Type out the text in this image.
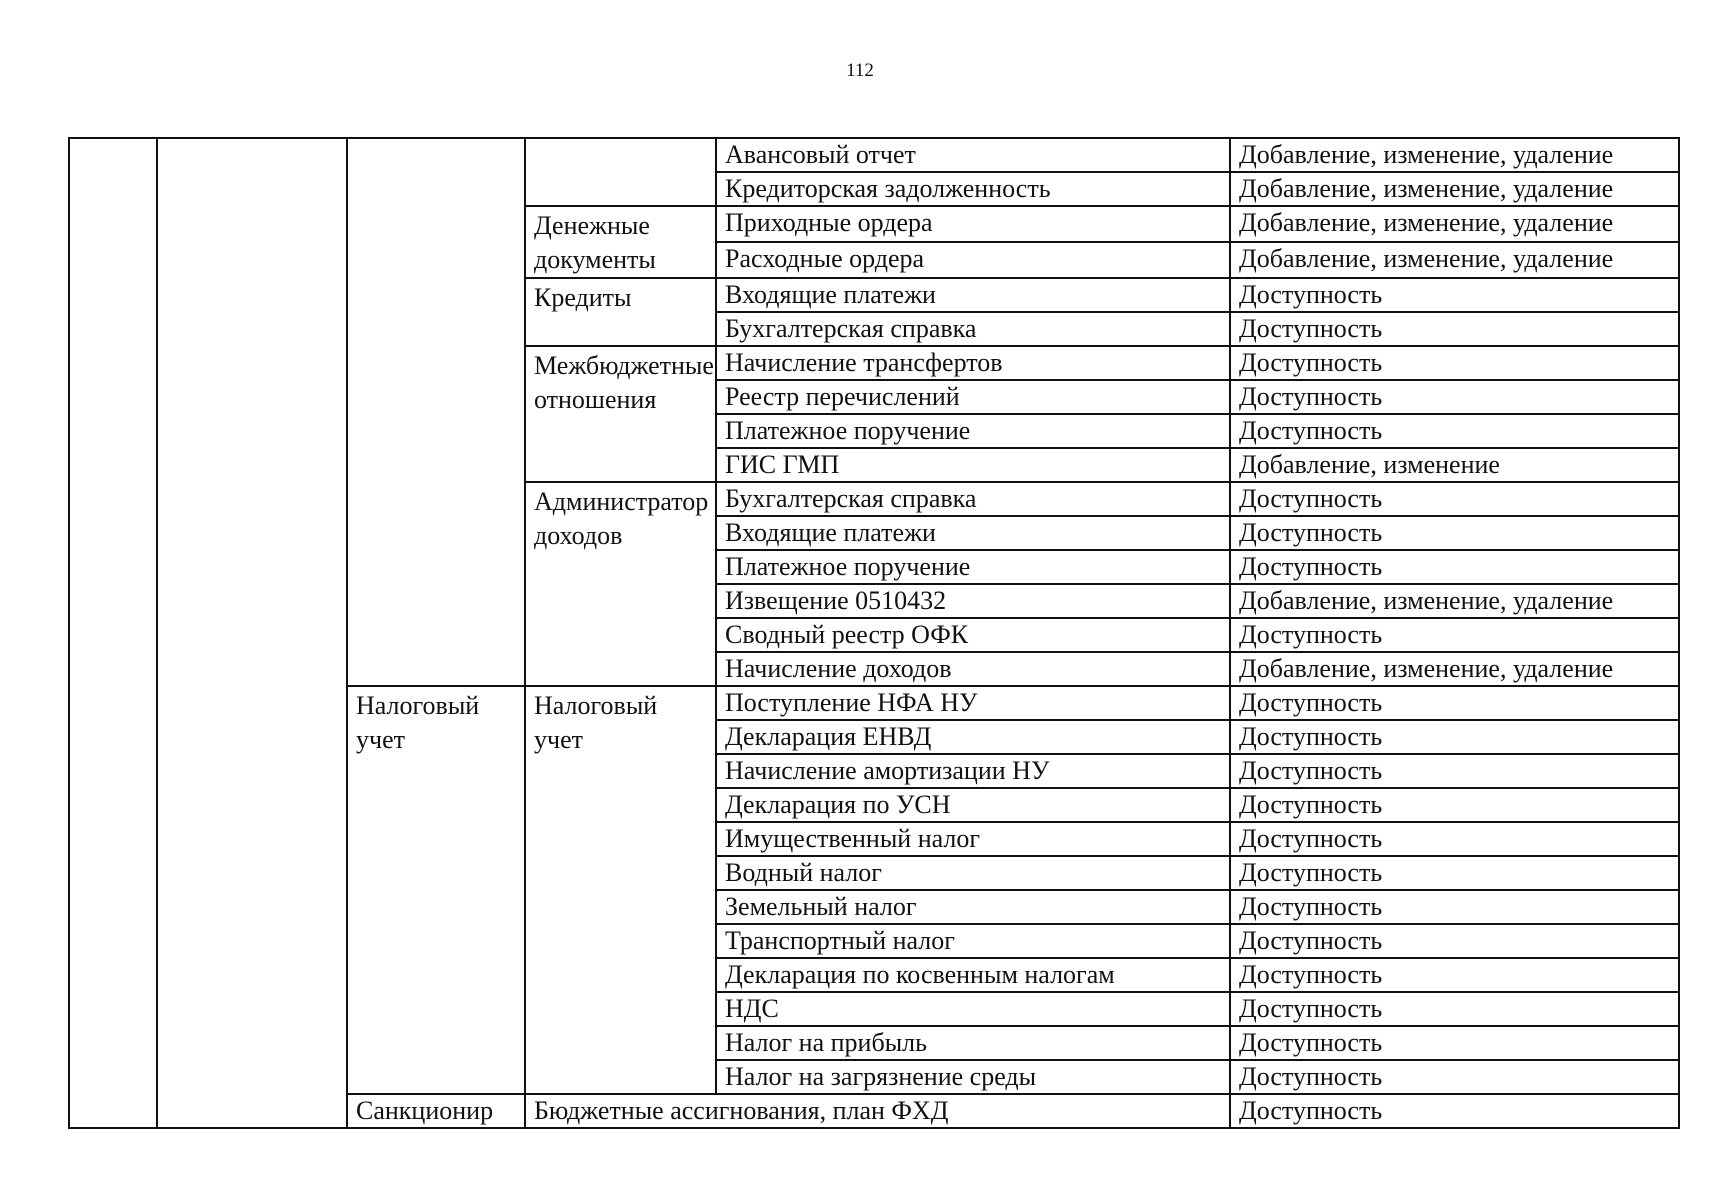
112
				Авансовый отчет	Добавление, изменение, удаление
				Кредиторская задолженность	Добавление, изменение, удаление
			Денежные документы	Приходные ордера	Добавление, изменение, удаление
				Расходные ордера	Добавление, изменение, удаление
			Кредиты	Входящие платежи	Доступность
				Бухгалтерская справка	Доступность
			Межбюджетные отношения	Начисление трансфертов	Доступность
				Реестр перечислений	Доступность
				Платежное поручение	Доступность
				ГИС ГМП	Добавление, изменение
			Администратор доходов	Бухгалтерская справка	Доступность
				Входящие платежи	Доступность
				Платежное поручение	Доступность
				Извещение 0510432	Добавление, изменение, удаление
				Сводный реестр ОФК	Доступность
				Начисление доходов	Добавление, изменение, удаление
		Налоговый учет	Налоговый учет	Поступление НФА НУ	Доступность
				Декларация ЕНВД	Доступность
				Начисление амортизации НУ	Доступность
				Декларация по УСН	Доступность
				Имущественный налог	Доступность
				Водный налог	Доступность
				Земельный налог	Доступность
				Транспортный налог	Доступность
				Декларация по косвенным налогам	Доступность
				НДС	Доступность
				Налог на прибыль	Доступность
				Налог на загрязнение среды	Доступность
		Санкционир	Бюджетные ассигнования, план ФХД		Доступность
